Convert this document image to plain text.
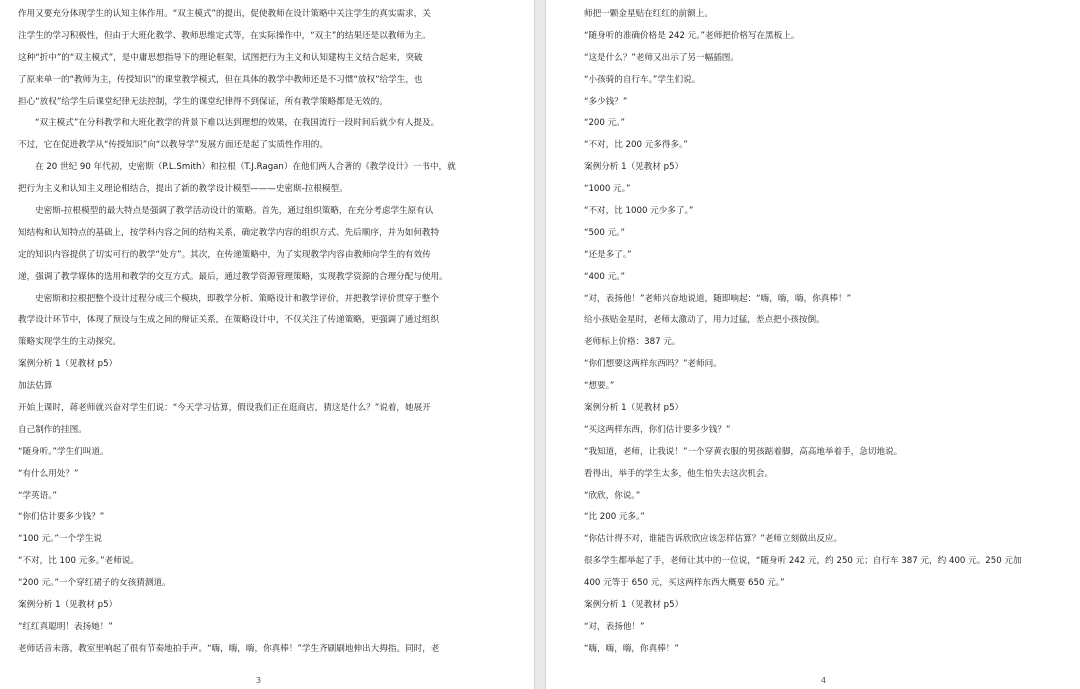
作用又要充分体现学生的认知主体作用。“双主模式”的提出，促使教师在设计策略中关注学生的真实需求，关
注学生的学习积极性，但由于大班化教学、教师思维定式等，在实际操作中，“双主”的结果还是以教师为主。
这种“折中”的“双主模式”，是中庸思想指导下的理论框架，试图把行为主义和认知建构主义结合起来，突破
了原来单一的“教师为主，传授知识”的课堂教学模式，但在具体的教学中教师还是不习惯“放权”给学生，也
担心“放权”给学生后课堂纪律无法控制，学生的课堂纪律得不到保证，所有教学策略都是无效的。
“双主模式”在分科教学和大班化教学的背景下难以达到理想的效果，在我国流行一段时间后就少有人提及。
不过，它在促进教学从“传授知识”向“以教导学”发展方面还是起了实质性作用的。
在 20 世纪 90 年代初，史密斯（P.L.Smith）和拉根（T.J.Ragan）在他们两人合著的《教学设计》一书中，就
把行为主义和认知主义理论相结合，提出了新的教学设计模型———史密斯-拉根模型。
史密斯-拉根模型的最大特点是强调了教学活动设计的策略。首先，通过组织策略，在充分考虑学生原有认
知结构和认知特点的基础上，按学科内容之间的结构关系，确定教学内容的组织方式、先后顺序，并为如何教特
定的知识内容提供了切实可行的教学“处方”。其次，在传递策略中，为了实现教学内容由教师向学生的有效传
递，强调了教学媒体的选用和教学的交互方式。最后，通过教学资源管理策略，实现教学资源的合理分配与使用。
史密斯和拉根把整个设计过程分成三个模块，即教学分析、策略设计和教学评价，并把教学评价贯穿于整个
教学设计环节中，体现了预设与生成之间的辩证关系，在策略设计中，不仅关注了传递策略，更强调了通过组织
策略实现学生的主动探究。
案例分析 1（见教材 p5）
加法估算
开始上课时，蒋老师就兴奋对学生们说：“今天学习估算，假设我们正在逛商店，猜这是什么？”说着，她展开
自己制作的挂图。
“随身听。”学生们叫道。
“有什么用处？”
“学英语。”
“你们估计要多少钱？”
“100 元。”一个学生说
“不对，比 100 元多。”老师说。
“200 元。”一个穿红裙子的女孩猜测道。
案例分析 1（见教材 p5）
“红红真聪明！表扬她！”
老师话音未落，教室里响起了很有节奏地拍手声。“嗨，嗨，嗨，你真棒！”学生齐刷刷地伸出大拇指。同时，老
3
师把一颗金星贴在红红的前额上。
“随身听的准确价格是 242 元。”老师把价格写在黑板上。
“这是什么？”老师又出示了另一幅插图。
“小孩骑的自行车。”学生们说。
“多少钱？”
“200 元。”
“不对，比 200 元多得多。”
案例分析 1（见教材 p5）
“1000 元。”
“不对，比 1000 元少多了。”
“500 元。”
“还是多了。”
“400 元。”
“对，表扬他！”老师兴奋地说道，随即响起：“嗨，嗨，嗨，你真棒！”
给小孩贴金星时，老师太激动了，用力过猛，差点把小孩按倒。
老师标上价格：387 元。
“你们想要这两样东西吗？”老师问。
“想要。”
案例分析 1（见教材 p5）
“买这两样东西，你们估计要多少钱？”
“我知道，老师，让我说！”一个穿黄衣服的男孩踮着脚，高高地举着手，急切地说。
看得出，举手的学生太多，他生怕失去这次机会。
“欣欣，你说。”
“比 200 元多。”
“你估计得不对，谁能告诉欣欣应该怎样估算？”老师立刻做出反应。
很多学生都举起了手，老师让其中的一位说，“随身听 242 元，约 250 元；自行车 387 元，约 400 元。250 元加
400 元等于 650 元，买这两样东西大概要 650 元。”
案例分析 1（见教材 p5）
“对，表扬他！”
“嗨，嗨，嗨，你真棒！”
4
